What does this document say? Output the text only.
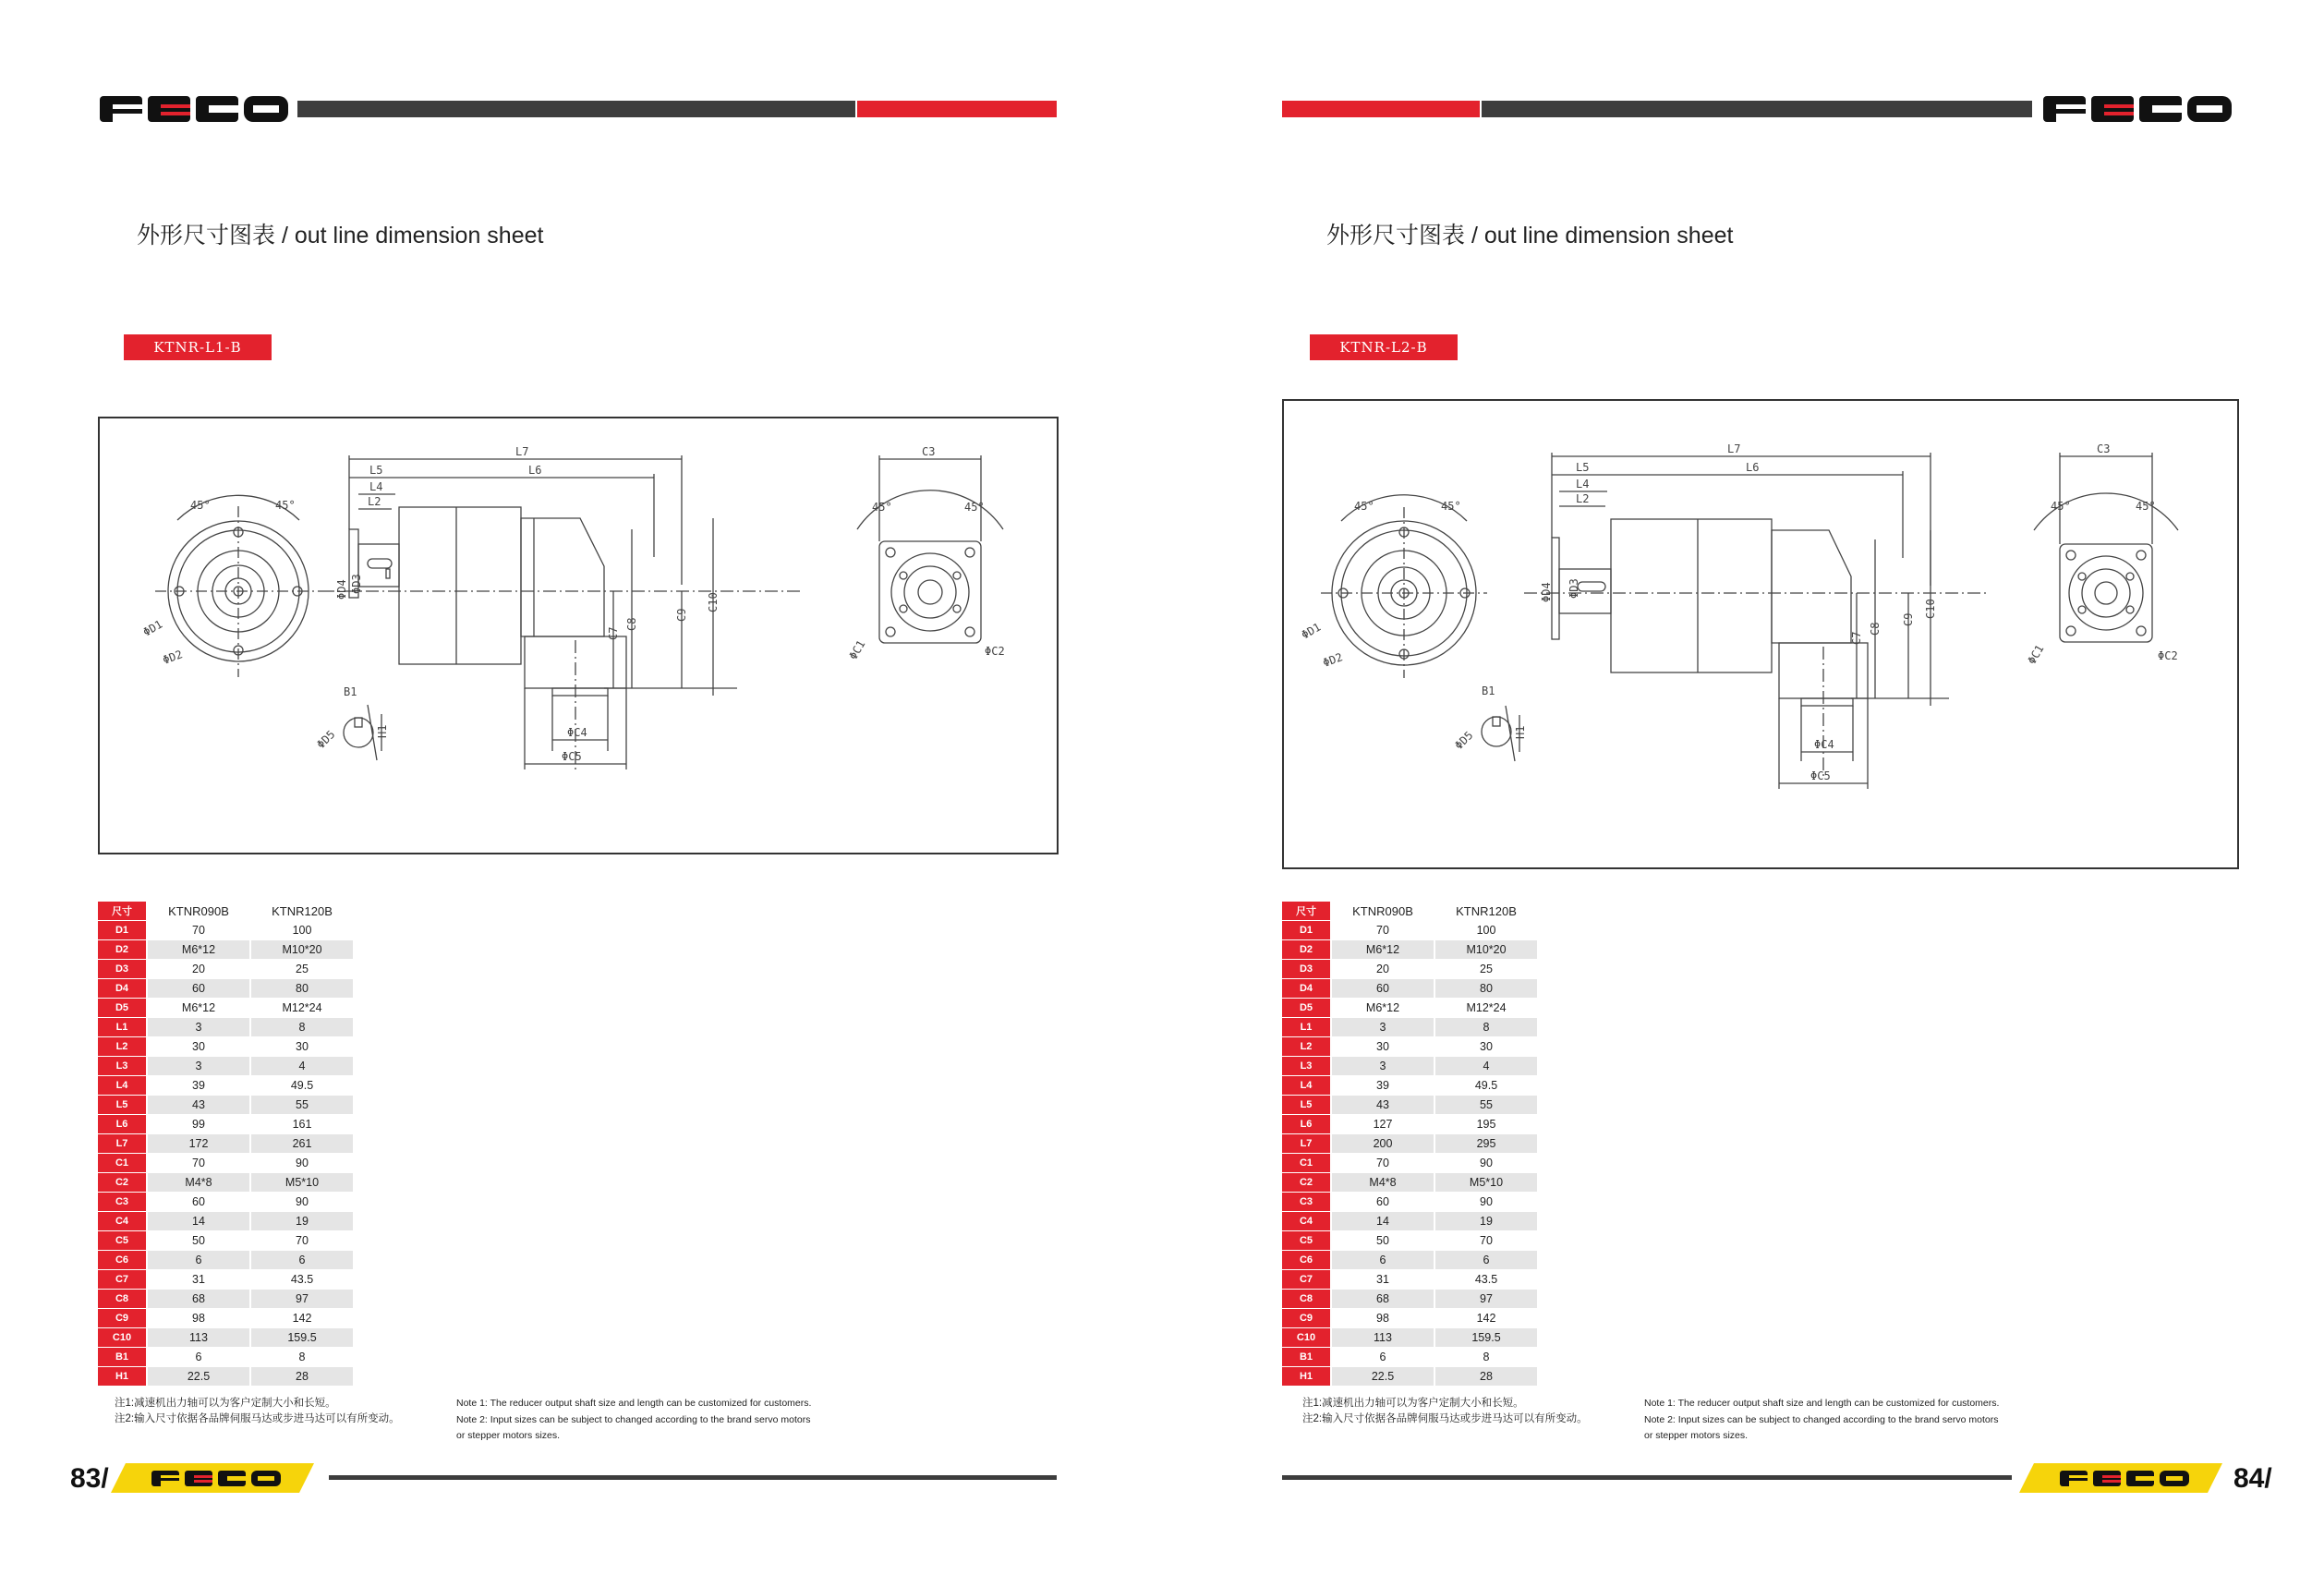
外形尺寸图表 / out line dimension sheet
KTNR-L1-B
45°	45°
ΦD1
ΦD2
B1
H1
ΦD5
L7
L6
L5
L4
L2
C7
C8
C9
C10
ΦD3
ΦD4
ΦC4
ΦC5
C3
45°	45°
ΦC1	ΦC2
尺寸	KTNR090B	KTNR120B
D1	70	100
D2	M6*12	M10*20
D3	20	25
D4	60	80
D5	M6*12	M12*24
L1	3	8
L2	30	30
L3	3	4
L4	39	49.5
L5	43	55
L6	99	161
L7	172	261
C1	70	90
C2	M4*8	M5*10
C3	60	90
C4	14	19
C5	50	70
C6	6	6
C7	31	43.5
C8	68	97
C9	98	142
C10	113	159.5
B1	6	8
H1	22.5	28
注1:减速机出力轴可以为客户定制大小和长短。
注2:输入尺寸依据各品牌伺服马达或步进马达可以有所变动。
Note 1: The reducer output shaft size and length can be customized for customers.
Note 2: Input sizes can be subject to changed according to the brand servo motors
or stepper motors sizes.
83/
外形尺寸图表 / out line dimension sheet
KTNR-L2-B
45°	45°
ΦD1
ΦD2
B1
H1
ΦD5
L7
L6
L5
L4
L2
C7
C8
C9
C10
ΦD3
ΦD4
ΦC4
ΦC5
C3
45°	45°
ΦC1	ΦC2
尺寸	KTNR090B	KTNR120B
D1	70	100
D2	M6*12	M10*20
D3	20	25
D4	60	80
D5	M6*12	M12*24
L1	3	8
L2	30	30
L3	3	4
L4	39	49.5
L5	43	55
L6	127	195
L7	200	295
C1	70	90
C2	M4*8	M5*10
C3	60	90
C4	14	19
C5	50	70
C6	6	6
C7	31	43.5
C8	68	97
C9	98	142
C10	113	159.5
B1	6	8
H1	22.5	28
注1:减速机出力轴可以为客户定制大小和长短。
注2:输入尺寸依据各品牌伺服马达或步进马达可以有所变动。
Note 1: The reducer output shaft size and length can be customized for customers.
Note 2: Input sizes can be subject to changed according to the brand servo motors
or stepper motors sizes.
84/
